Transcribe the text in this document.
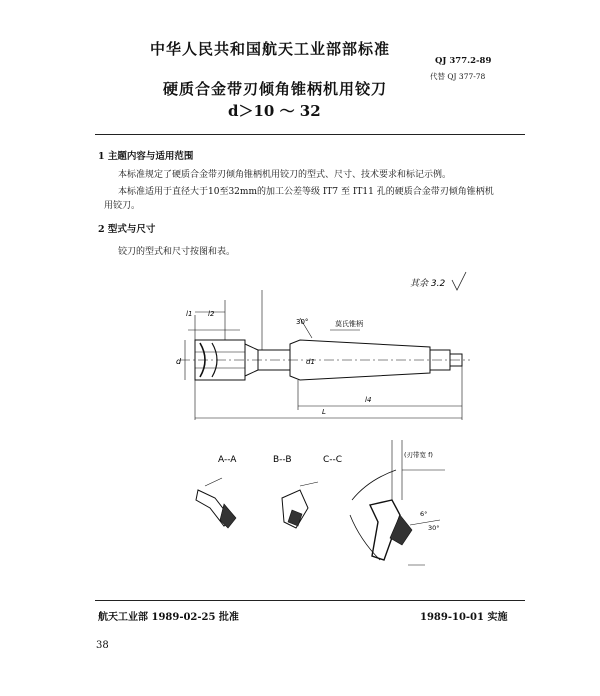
中华人民共和国航天工业部部标准
QJ 377.2-89
代替 QJ 377-78
硬质合金带刃倾角锥柄机用铰刀
d＞10 ～ 32
1 主题内容与适用范围
本标准规定了硬质合金带刃倾角锥柄机用铰刀的型式、尺寸、技术要求和标记示例。
本标准适用于直径大于10至32mm的加工公差等级 IT7 至 IT11 孔的硬质合金带刃倾角锥柄机
用铰刀。
2 型式与尺寸
铰刀的型式和尺寸按图和表。
其余 3.2
l1 l2
30°	莫氏锥柄
d	d1
l4
L
A--A	B--B	C--C	(刃带宽 f)
6°
30°
航天工业部 1989-02-25 批准	1989-10-01 实施
38
